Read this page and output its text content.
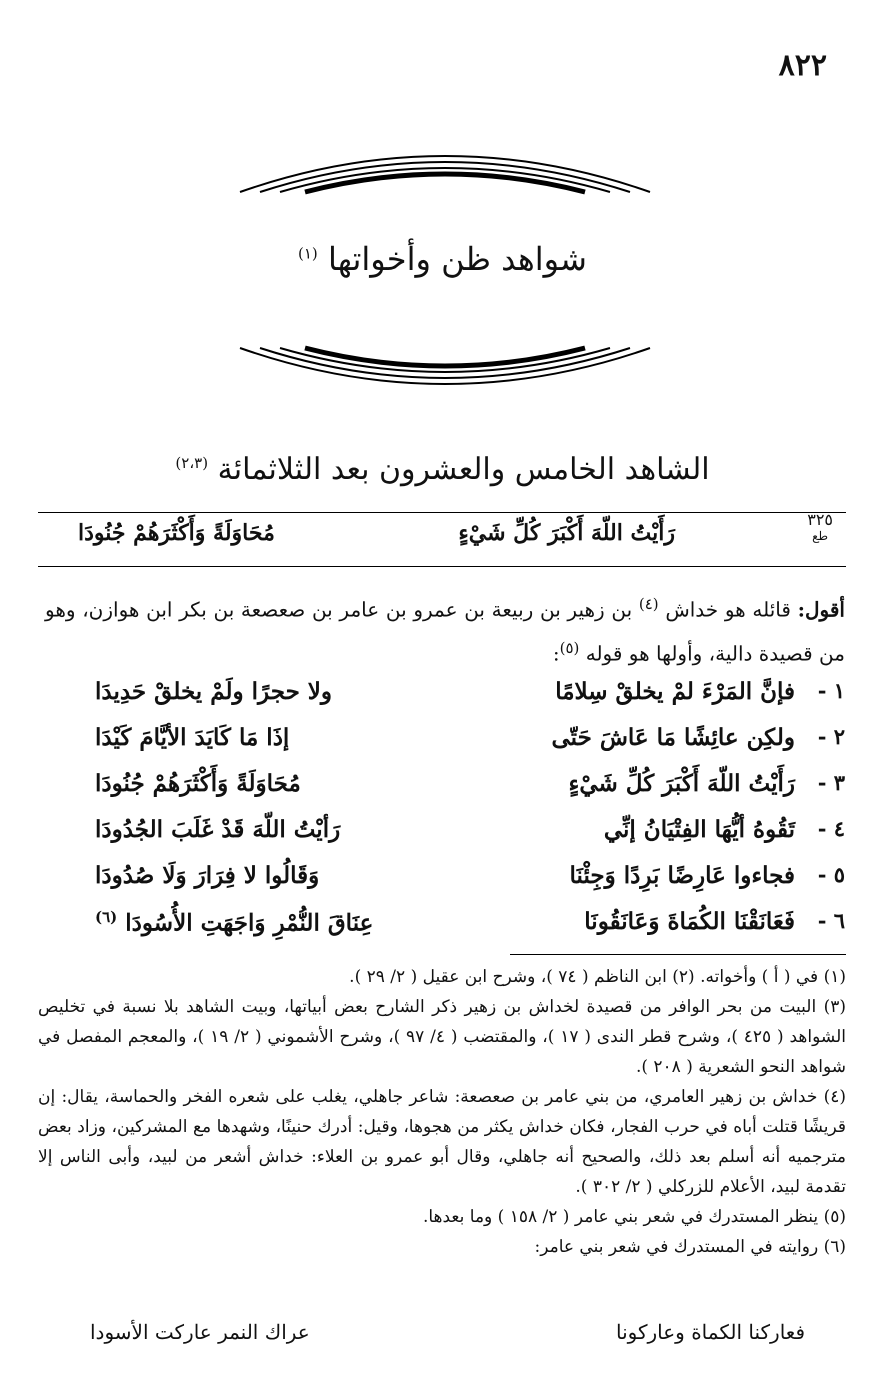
٨٢٢
شواهد ظن وأخواتها $^{(١)}$
الشاهد الخامس والعشرون بعد الثلاثمائة $^{(٢،٣)}$
٣٢٥
طع
رَأَيْتُ اللّهَ أَكْبَرَ كُلِّ شَيْءٍ
مُحَاوَلَةً وَأَكْثَرَهُمْ جُنُودَا
أقول: قائله هو خداش $^{(٤)}$ بن زهير بن ربيعة بن عمرو بن عامر بن صعصعة بن بكر ابن هوازن، وهو من قصيدة دالية، وأولها هو قوله $^{(٥)}$:
١ -
فإنَّ المَرْءَ لمْ يخلقْ سِلامًا
ولا حجرًا ولَمْ يخلقْ حَدِيدَا
٢ -
ولكِن عائِشًا مَا عَاشَ حَتّى
إذَا مَا كَايَدَ الأيَّامَ كَيْدَا
٣ -
رَأَيْتُ اللّهَ أَكْبَرَ كُلِّ شَيْءٍ
مُحَاوَلَةً وَأَكْثَرَهُمْ جُنُودَا
٤ -
تَقُوهُ أيُّهَا الفِتْيَانُ إنِّي
رَأيْتُ اللّهَ قَدْ غَلَبَ الجُدُودَا
٥ -
فجاءوا عَارِضًا بَرِدًا وَجِئْنَا
وَقَالُوا لا فِرَارَ وَلَا صُدُودَا
٦ -
فَعَانَقْنَا الكُمَاةَ وَعَانَقُونَا
عِنَاقَ النُّمْرِ وَاجَهَتِ الأُسُودَا $^{(٦)}$

(١) في ( أ ) وأخواته. (٢) ابن الناظم ( ٧٤ )، وشرح ابن عقيل ( ٢/ ٢٩ ).

(٣) البيت من بحر الوافر من قصيدة لخداش بن زهير ذكر الشارح بعض أبياتها، وبيت الشاهد بلا نسبة في تخليص الشواهد ( ٤٢٥ )، وشرح قطر الندى ( ١٧ )، والمقتضب ( ٤/ ٩٧ )، وشرح الأشموني ( ٢/ ١٩ )، والمعجم المفصل في شواهد النحو الشعرية ( ٢٠٨ ).

(٤) خداش بن زهير العامري، من بني عامر بن صعصعة: شاعر جاهلي، يغلب على شعره الفخر والحماسة، يقال: إن قريشًا قتلت أباه في حرب الفجار، فكان خداش يكثر من هجوها، وقيل: أدرك حنينًا، وشهدها مع المشركين، وزاد بعض مترجميه أنه أسلم بعد ذلك، والصحيح أنه جاهلي، وقال أبو عمرو بن العلاء: خداش أشعر من لبيد، وأبى الناس إلا تقدمة لبيد، الأعلام للزركلي ( ٢/ ٣٠٢ ).

(٥) ينظر المستدرك في شعر بني عامر ( ٢/ ١٥٨ ) وما بعدها.

(٦) روايته في المستدرك في شعر بني عامر:

فعاركنا الكماة وعاركونا
عراك النمر عاركت الأسودا
